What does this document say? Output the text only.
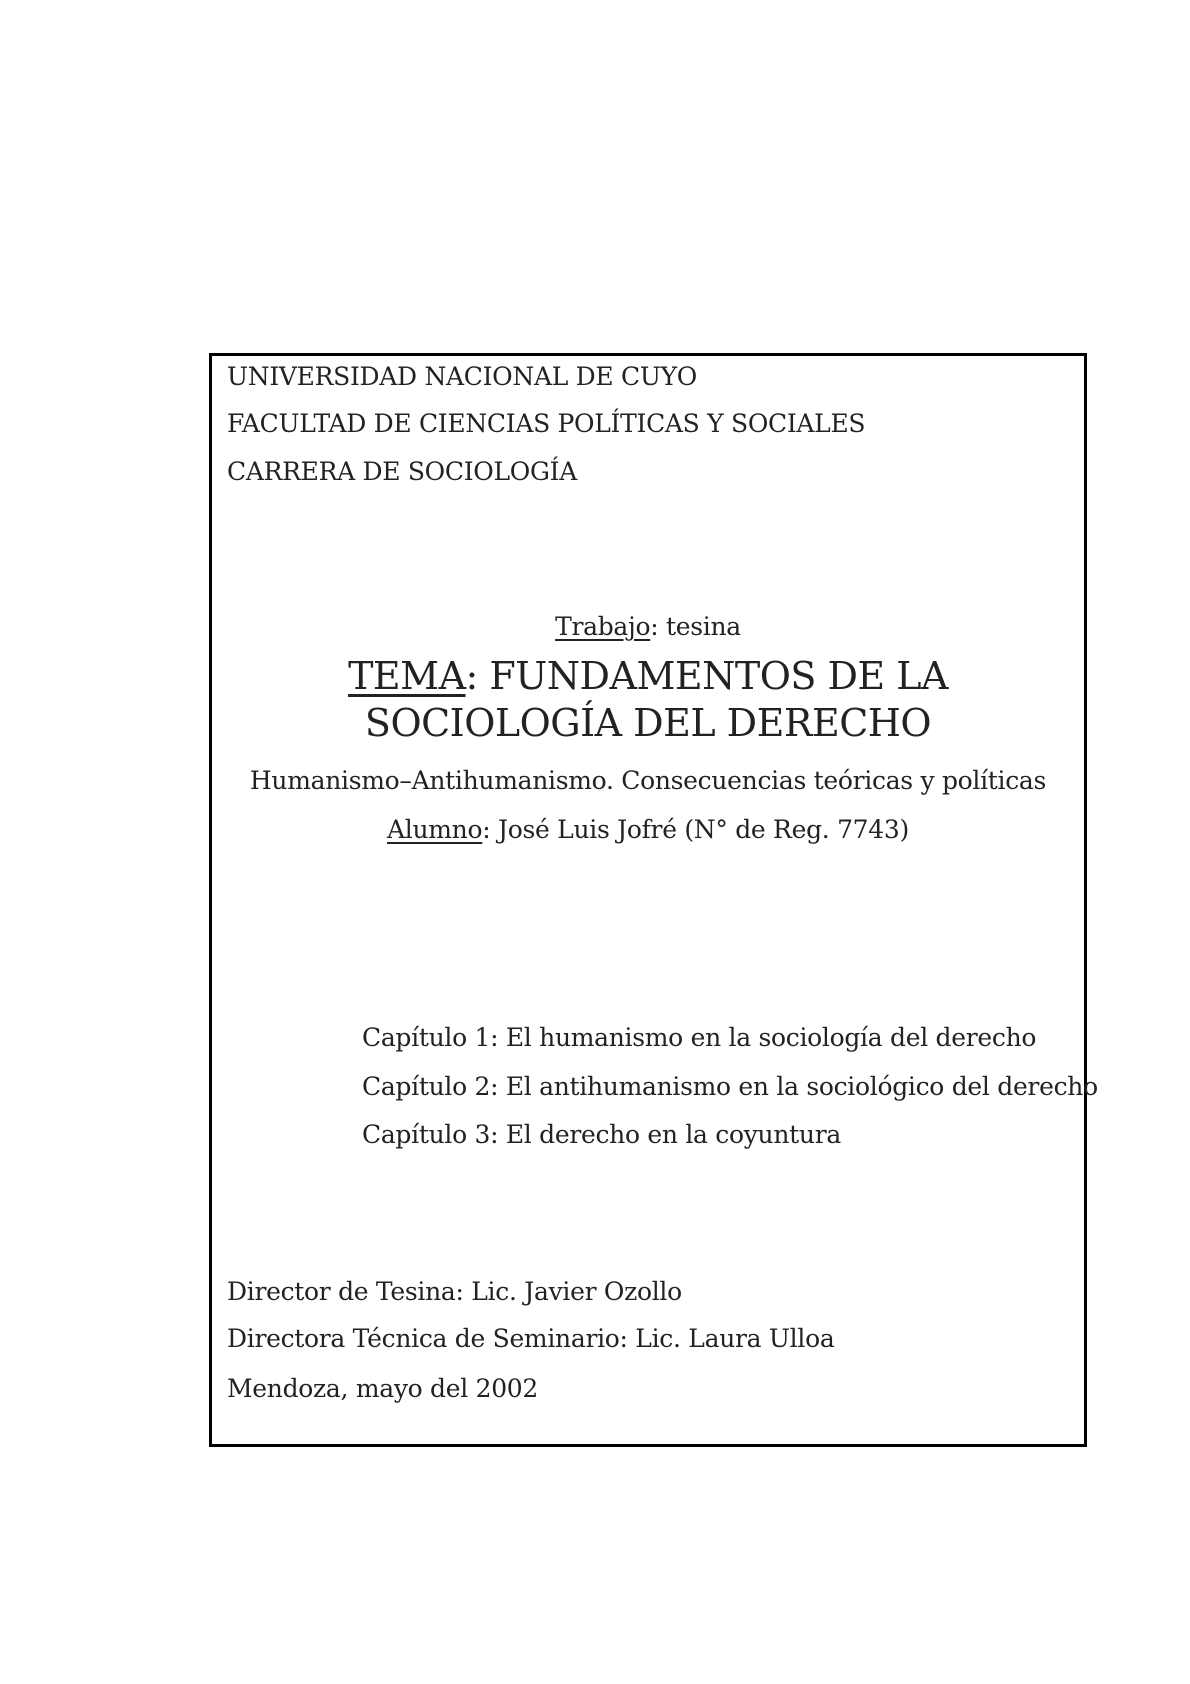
UNIVERSIDAD NACIONAL DE CUYO
FACULTAD DE CIENCIAS POLÍTICAS Y SOCIALES
CARRERA DE SOCIOLOGÍA
Trabajo: tesina
TEMA: FUNDAMENTOS DE LA
SOCIOLOGÍA DEL DERECHO
Humanismo–Antihumanismo. Consecuencias teóricas y políticas
Alumno: José Luis Jofré (N° de Reg. 7743)
Capítulo 1: El humanismo en la sociología del derecho
Capítulo 2: El antihumanismo en la sociológico del derecho
Capítulo 3: El derecho en la coyuntura
Director de Tesina: Lic. Javier Ozollo
Directora Técnica de Seminario: Lic. Laura Ulloa
Mendoza, mayo del 2002
